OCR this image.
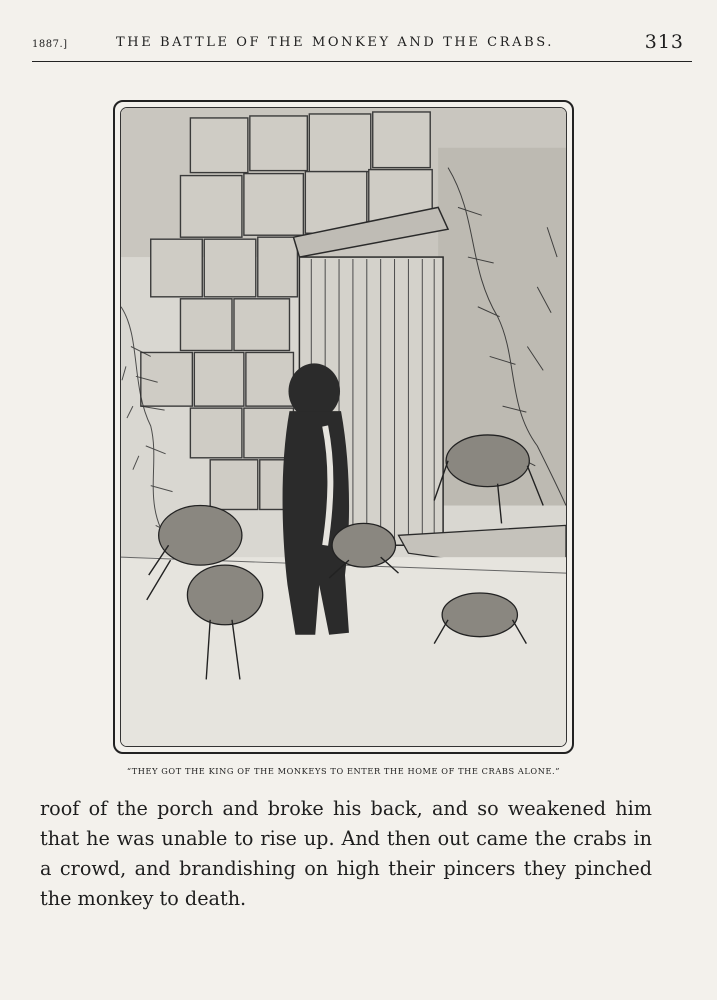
1887.]	THE BATTLE OF THE MONKEY AND THE CRABS.	313
“THEY GOT THE KING OF THE MONKEYS TO ENTER THE HOME OF THE CRABS ALONE.”

roof of the porch and broke his back, and so weakened him that he was unable to rise up. And then out came the crabs in a crowd, and brandishing on high their pincers they pinched the monkey to death.
